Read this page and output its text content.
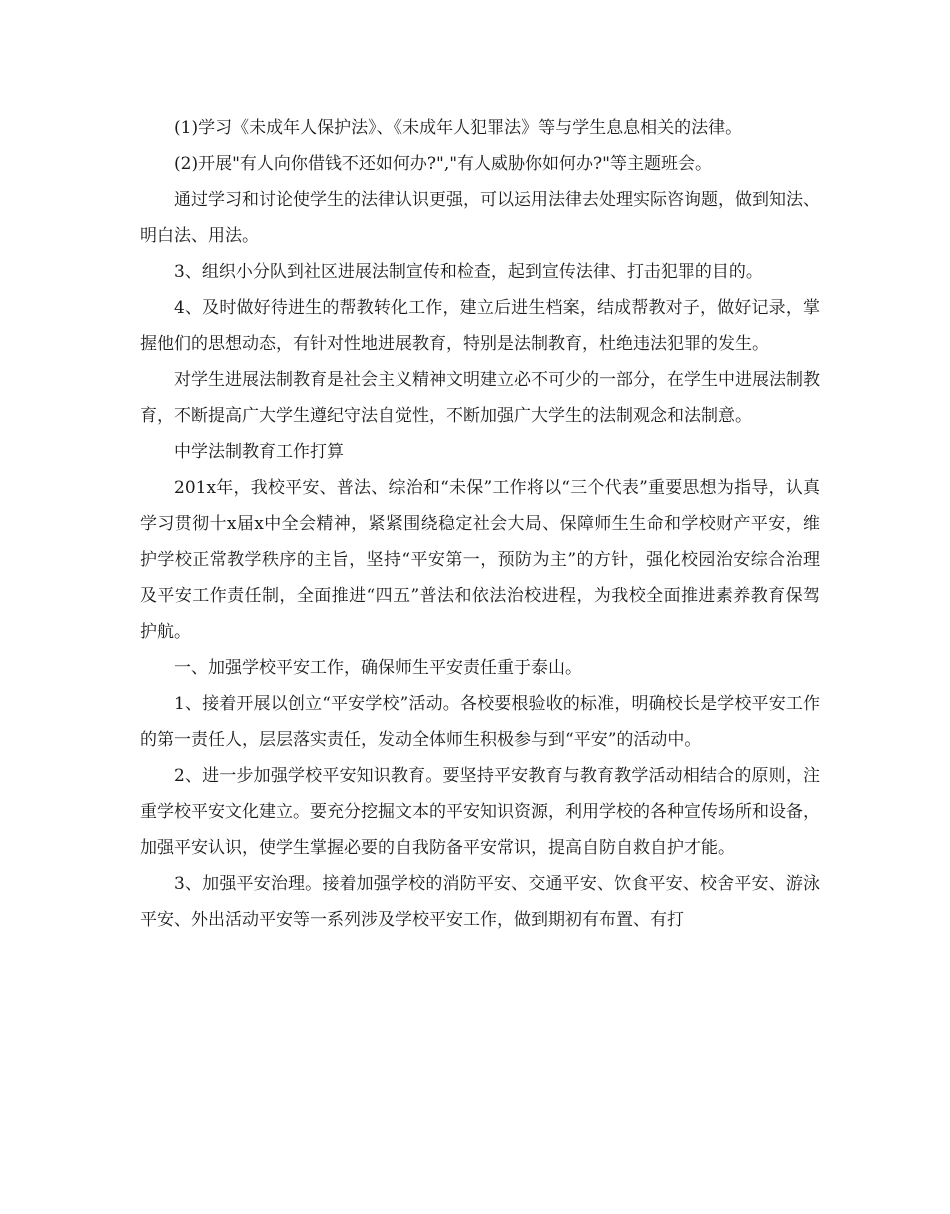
(1)学习《未成年人保护法》、《未成年人犯罪法》等与学生息息相关的法律。

(2)开展"有人向你借钱不还如何办?","有人威胁你如何办?"等主题班会。

通过学习和讨论使学生的法律认识更强，可以运用法律去处理实际咨询题，做到知法、明白法、用法。

3、组织小分队到社区进展法制宣传和检查，起到宣传法律、打击犯罪的目的。

4、及时做好待进生的帮教转化工作，建立后进生档案，结成帮教对子，做好记录，掌握他们的思想动态，有针对性地进展教育，特别是法制教育，杜绝违法犯罪的发生。

对学生进展法制教育是社会主义精神文明建立必不可少的一部分，在学生中进展法制教育，不断提高广大学生遵纪守法自觉性，不断加强广大学生的法制观念和法制意。

中学法制教育工作打算

201x年，我校平安、普法、综治和“未保”工作将以“三个代表”重要思想为指导，认真学习贯彻十x届x中全会精神，紧紧围绕稳定社会大局、保障师生生命和学校财产平安，维护学校正常教学秩序的主旨，坚持“平安第一，预防为主”的方针，强化校园治安综合治理及平安工作责任制，全面推进“四五”普法和依法治校进程，为我校全面推进素养教育保驾护航。

一、加强学校平安工作，确保师生平安责任重于泰山。

1、接着开展以创立“平安学校”活动。各校要根验收的标准，明确校长是学校平安工作的第一责任人，层层落实责任，发动全体师生积极参与到“平安”的活动中。

2、进一步加强学校平安知识教育。要坚持平安教育与教育教学活动相结合的原则，注重学校平安文化建立。要充分挖掘文本的平安知识资源，利用学校的各种宣传场所和设备，加强平安认识，使学生掌握必要的自我防备平安常识，提高自防自救自护才能。

3、加强平安治理。接着加强学校的消防平安、交通平安、饮食平安、校舍平安、游泳平安、外出活动平安等一系列涉及学校平安工作，做到期初有布置、有打
